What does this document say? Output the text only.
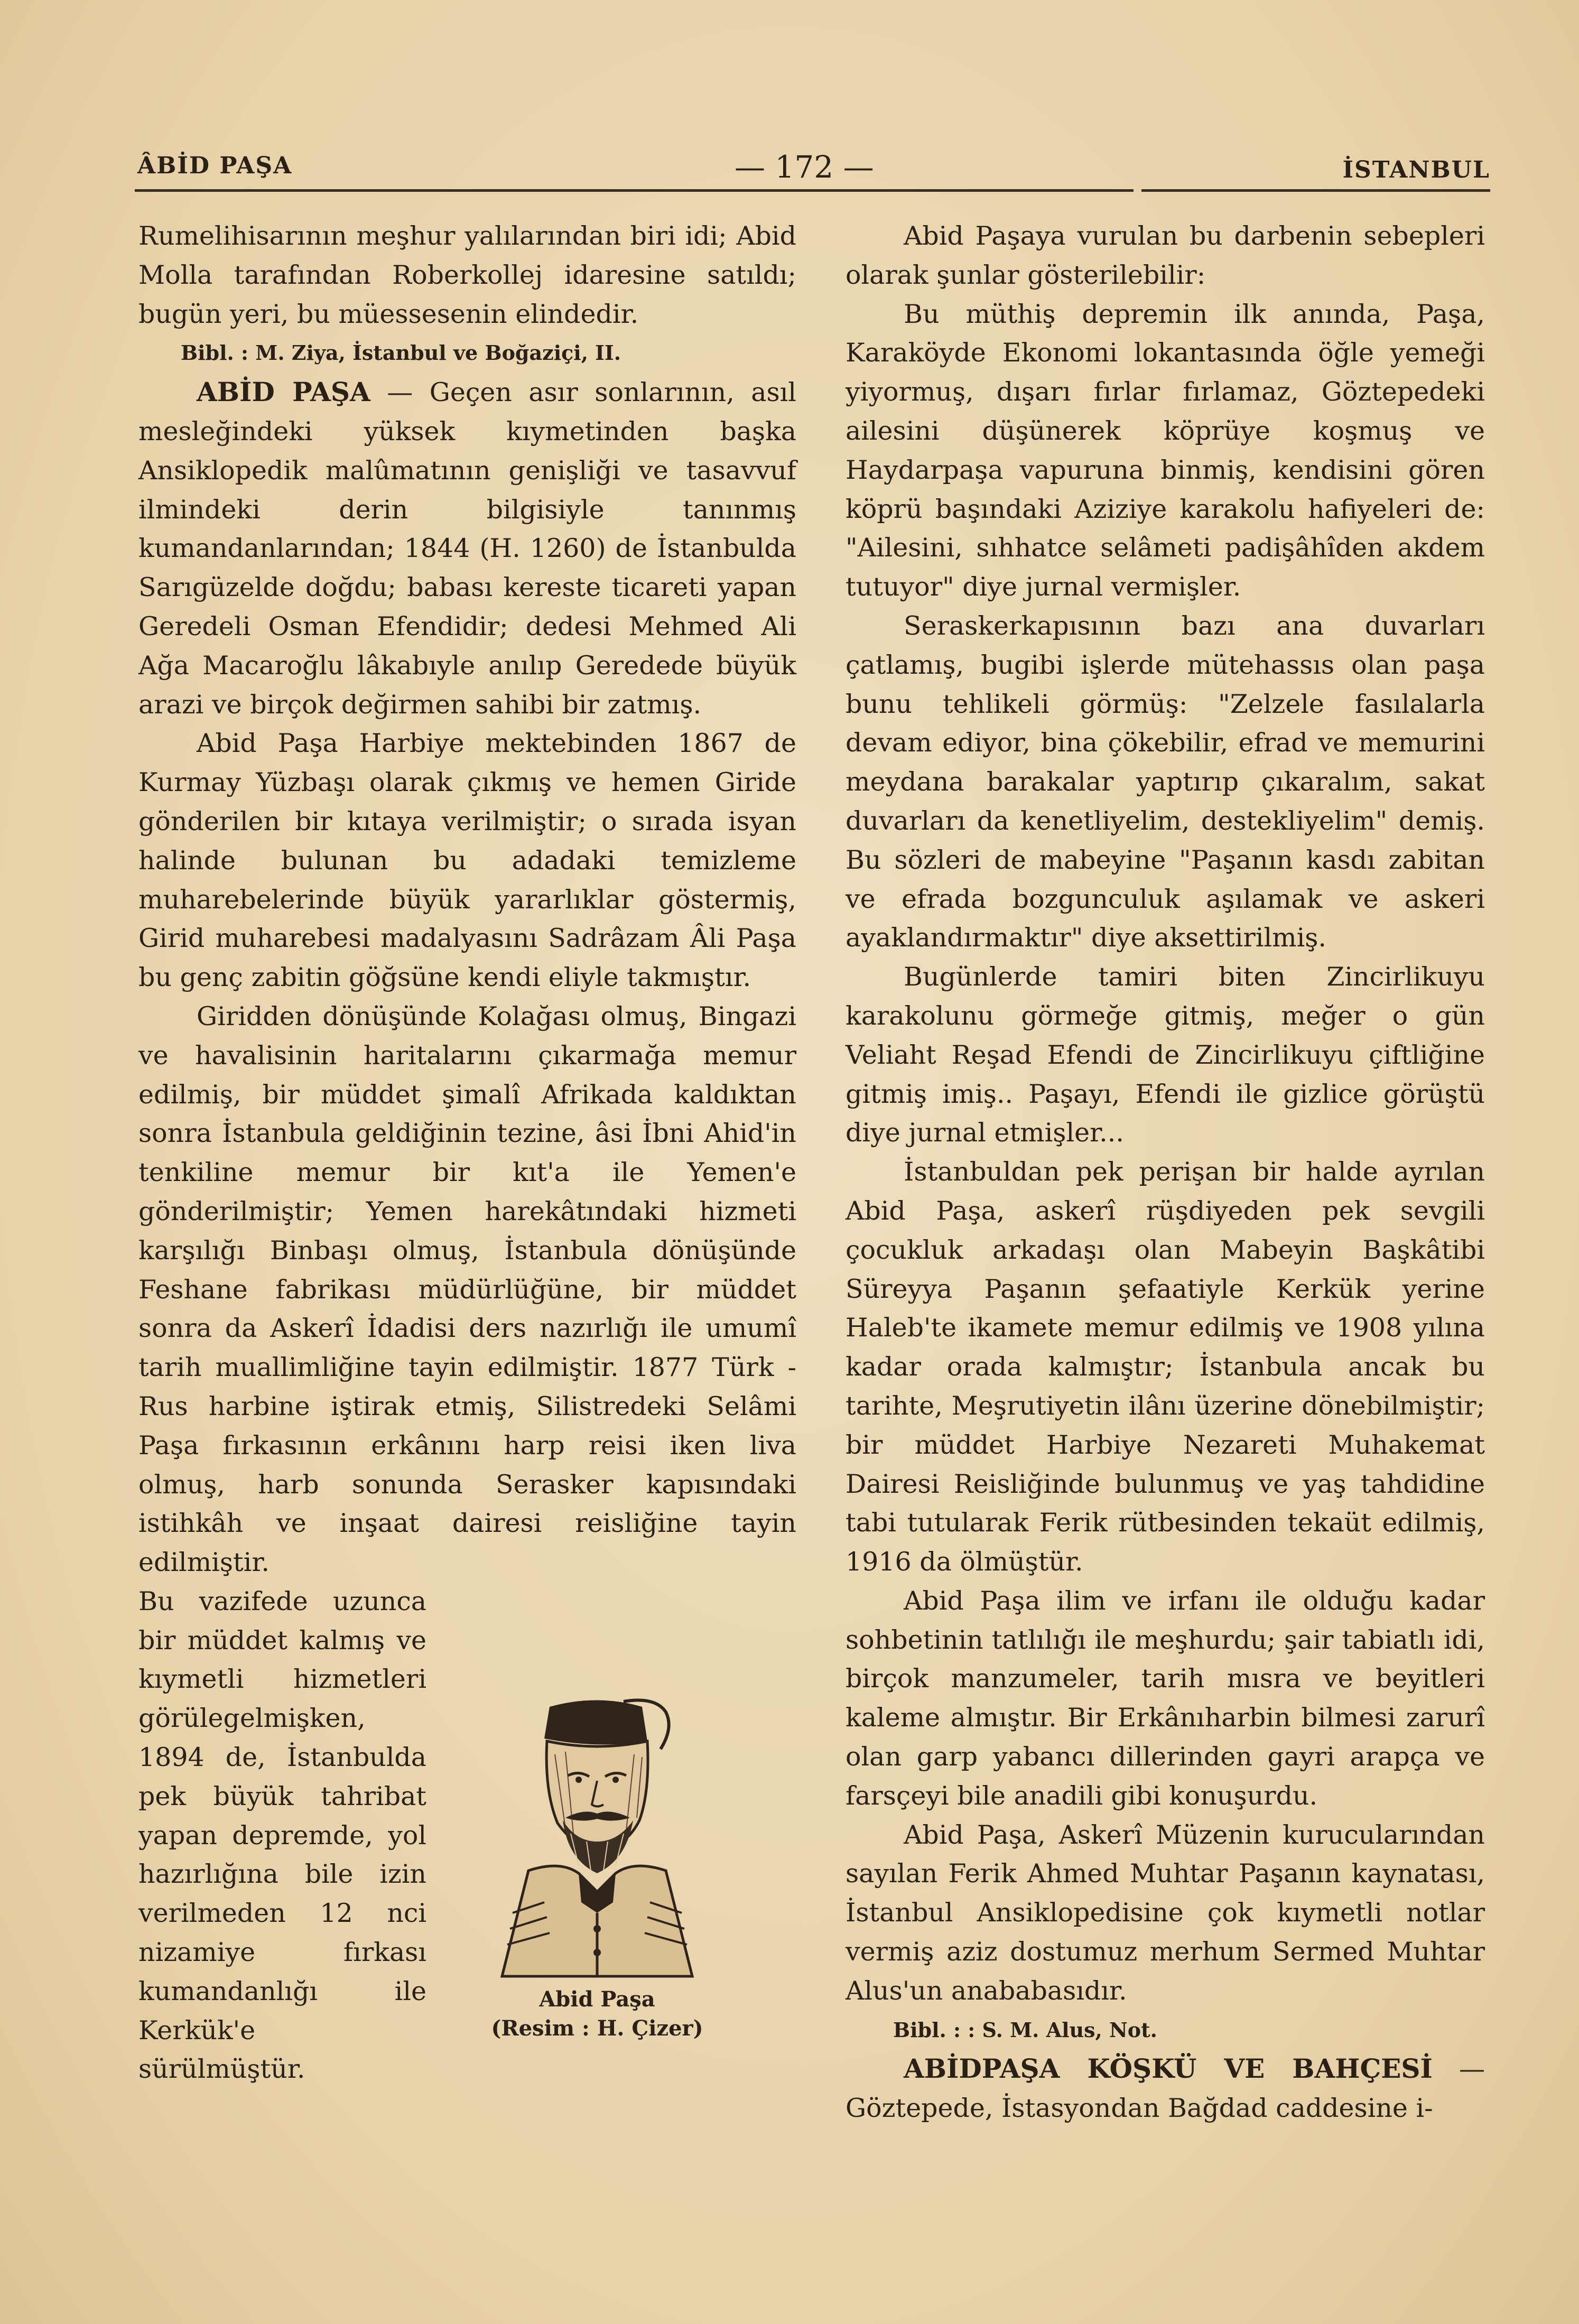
ÂBİD PAŞA	— 172 —	İSTANBUL

Rumelihisarının meşhur yalılarından biri idi; Abid Molla tarafından Roberkollej idaresine satıldı; bugün yeri, bu müessesenin elindedir.

Bibl. : M. Ziya, İstanbul ve Boğaziçi, II.

ABİD PAŞA — Geçen asır sonlarının, asıl mesleğindeki yüksek kıymetinden başka Ansiklopedik malûmatının genişliği ve tasavvuf ilmindeki derin bilgisiyle tanınmış kumandanlarından; 1844 (H. 1260) de İstanbulda Sarıgüzelde doğdu; babası kereste ticareti yapan Geredeli Osman Efendidir; dedesi Mehmed Ali Ağa Macaroğlu lâkabıyle anılıp Geredede büyük arazi ve birçok değirmen sahibi bir zatmış.

Abid Paşa Harbiye mektebinden 1867 de Kurmay Yüzbaşı olarak çıkmış ve hemen Giride gönderilen bir kıtaya verilmiştir; o sırada isyan halinde bulunan bu adadaki temizleme muharebelerinde büyük yararlıklar göstermiş, Girid muharebesi madalyasını Sadrâzam Âli Paşa bu genç zabitin göğsüne kendi eliyle takmıştır.

Giridden dönüşünde Kolağası olmuş, Bingazi ve havalisinin haritalarını çıkarmağa memur edilmiş, bir müddet şimalî Afrikada kaldıktan sonra İstanbula geldiğinin tezine, âsi İbni Ahid'in tenkiline memur bir kıt'a ile Yemen'e gönderilmiştir; Yemen harekâtındaki hizmeti karşılığı Binbaşı olmuş, İstanbula dönüşünde Feshane fabrikası müdürlüğüne, bir müddet sonra da Askerî İdadisi ders nazırlığı ile umumî tarih muallimliğine tayin edilmiştir. 1877 Türk - Rus harbine iştirak etmiş, Silistredeki Selâmi Paşa fırkasının erkânını harp reisi iken liva olmuş, harb sonunda Serasker kapısındaki istihkâh ve inşaat dairesi reisliğine tayin edilmiştir.

Bu vazifede uzunca bir müddet kalmış ve kıymetli hizmetleri görülegelmişken, 1894 de, İstanbulda pek büyük tahribat yapan depremde, yol hazırlığına bile izin verilmeden 12 nci nizamiye fırkası kumandanlığı ile Kerkük'e sürülmüştür.

Abid Paşa
(Resim : H. Çizer)

Abid Paşaya vurulan bu darbenin sebepleri olarak şunlar gösterilebilir:

Bu müthiş depremin ilk anında, Paşa, Karaköyde Ekonomi lokantasında öğle yemeği yiyormuş, dışarı fırlar fırlamaz, Göztepedeki ailesini düşünerek köprüye koşmuş ve Haydarpaşa vapuruna binmiş, kendisini gören köprü başındaki Aziziye karakolu hafiyeleri de: "Ailesini, sıhhatce selâmeti padişâhîden akdem tutuyor" diye jurnal vermişler.

Seraskerkapısının bazı ana duvarları çatlamış, bugibi işlerde mütehassıs olan paşa bunu tehlikeli görmüş: "Zelzele fasılalarla devam ediyor, bina çökebilir, efrad ve memurini meydana barakalar yaptırıp çıkaralım, sakat duvarları da kenetliyelim, destekliyelim" demiş. Bu sözleri de mabeyine "Paşanın kasdı zabitan ve efrada bozgunculuk aşılamak ve askeri ayaklandırmaktır" diye aksettirilmiş.

Bugünlerde tamiri biten Zincirlikuyu karakolunu görmeğe gitmiş, meğer o gün Veliaht Reşad Efendi de Zincirlikuyu çiftliğine gitmiş imiş.. Paşayı, Efendi ile gizlice görüştü diye jurnal etmişler...

İstanbuldan pek perişan bir halde ayrılan Abid Paşa, askerî rüşdiyeden pek sevgili çocukluk arkadaşı olan Mabeyin Başkâtibi Süreyya Paşanın şefaatiyle Kerkük yerine Haleb'te ikamete memur edilmiş ve 1908 yılına kadar orada kalmıştır; İstanbula ancak bu tarihte, Meşrutiyetin ilânı üzerine dönebilmiştir; bir müddet Harbiye Nezareti Muhakemat Dairesi Reisliğinde bulunmuş ve yaş tahdidine tabi tutularak Ferik rütbesinden tekaüt edilmiş, 1916 da ölmüştür.

Abid Paşa ilim ve irfanı ile olduğu kadar sohbetinin tatlılığı ile meşhurdu; şair tabiatlı idi, birçok manzumeler, tarih mısra ve beyitleri kaleme almıştır. Bir Erkânıharbin bilmesi zarurî olan garp yabancı dillerinden gayri arapça ve farsçeyi bile anadili gibi konuşurdu.

Abid Paşa, Askerî Müzenin kurucularından sayılan Ferik Ahmed Muhtar Paşanın kaynatası, İstanbul Ansiklopedisine çok kıymetli notlar vermiş aziz dostumuz merhum Sermed Muhtar Alus'un anababasıdır.

Bibl. : : S. M. Alus, Not.

ABİDPAŞA KÖŞKÜ VE BAHÇESİ — Göztepede, İstasyondan Bağdad caddesine i-
